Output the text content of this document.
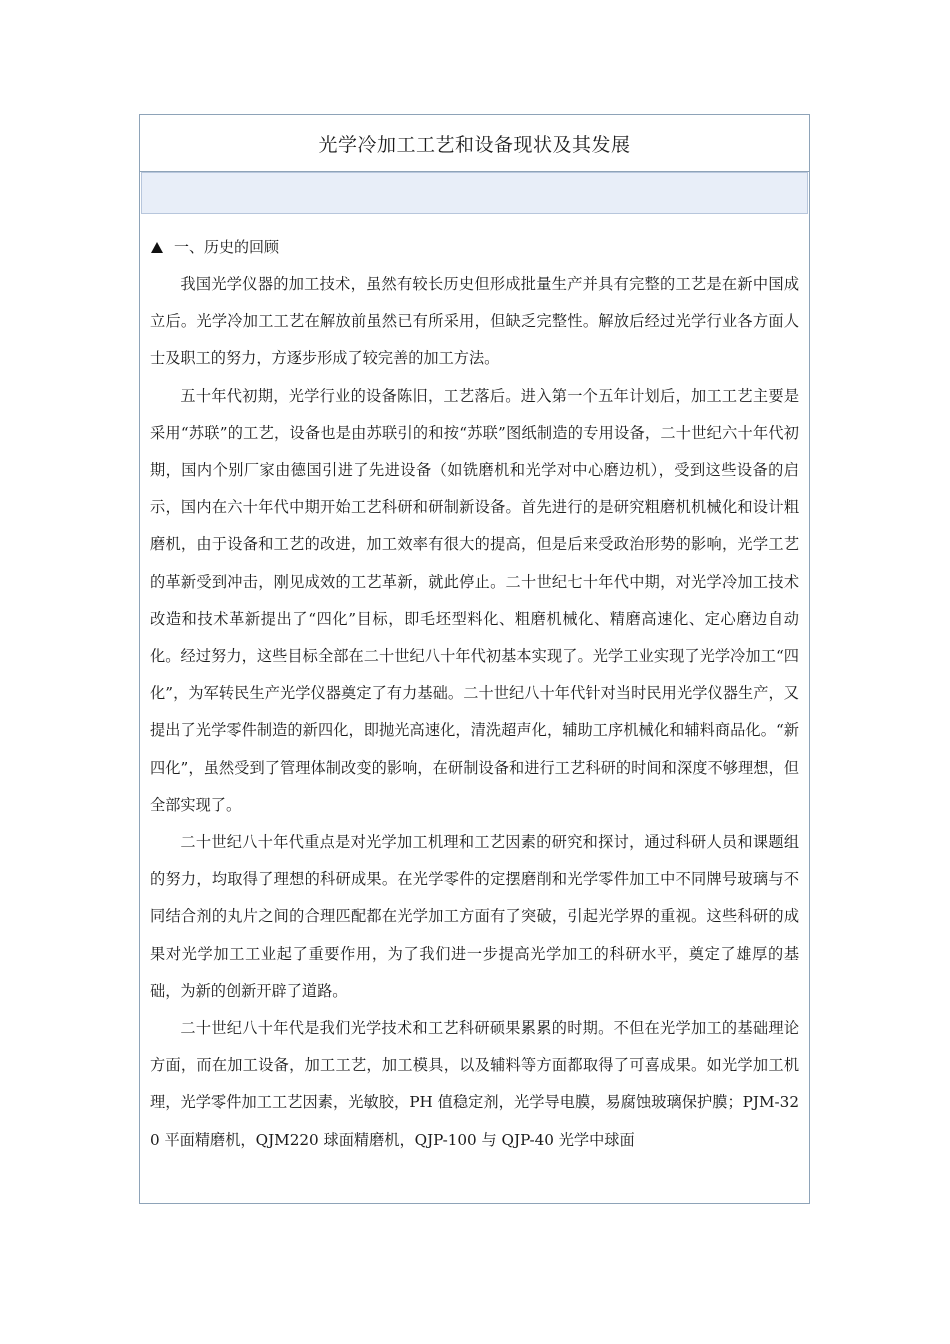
光学冷加工工艺和设备现状及其发展
一、历史的回顾

我国光学仪器的加工技术，虽然有较长历史但形成批量生产并具有完整的工艺是在新中国成立后。光学冷加工工艺在解放前虽然已有所采用，但缺乏完整性。解放后经过光学行业各方面人士及职工的努力，方逐步形成了较完善的加工方法。

五十年代初期，光学行业的设备陈旧，工艺落后。进入第一个五年计划后，加工工艺主要是采用“苏联”的工艺，设备也是由苏联引的和按“苏联”图纸制造的专用设备，二十世纪六十年代初期，国内个别厂家由德国引进了先进设备（如铣磨机和光学对中心磨边机），受到这些设备的启示，国内在六十年代中期开始工艺科研和研制新设备。首先进行的是研究粗磨机机械化和设计粗磨机，由于设备和工艺的改进，加工效率有很大的提高，但是后来受政治形势的影响，光学工艺的革新受到冲击，刚见成效的工艺革新，就此停止。二十世纪七十年代中期，对光学冷加工技术改造和技术革新提出了“四化”目标，即毛坯型料化、粗磨机械化、精磨高速化、定心磨边自动化。经过努力，这些目标全部在二十世纪八十年代初基本实现了。光学工业实现了光学冷加工“四化”，为军转民生产光学仪器奠定了有力基础。二十世纪八十年代针对当时民用光学仪器生产，又提出了光学零件制造的新四化，即抛光高速化，清洗超声化，辅助工序机械化和辅料商品化。“新四化”，虽然受到了管理体制改变的影响，在研制设备和进行工艺科研的时间和深度不够理想，但全部实现了。

二十世纪八十年代重点是对光学加工机理和工艺因素的研究和探讨，通过科研人员和课题组的努力，均取得了理想的科研成果。在光学零件的定摆磨削和光学零件加工中不同牌号玻璃与不同结合剂的丸片之间的合理匹配都在光学加工方面有了突破，引起光学界的重视。这些科研的成果对光学加工工业起了重要作用，为了我们进一步提高光学加工的科研水平，奠定了雄厚的基础，为新的创新开辟了道路。

二十世纪八十年代是我们光学技术和工艺科研硕果累累的时期。不但在光学加工的基础理论方面，而在加工设备，加工工艺，加工模具，以及辅料等方面都取得了可喜成果。如光学加工机理，光学零件加工工艺因素，光敏胶，PH 值稳定剂，光学导电膜，易腐蚀玻璃保护膜；PJM-320 平面精磨机，QJM220 球面精磨机，QJP-100 与 QJP-40 光学中球面
